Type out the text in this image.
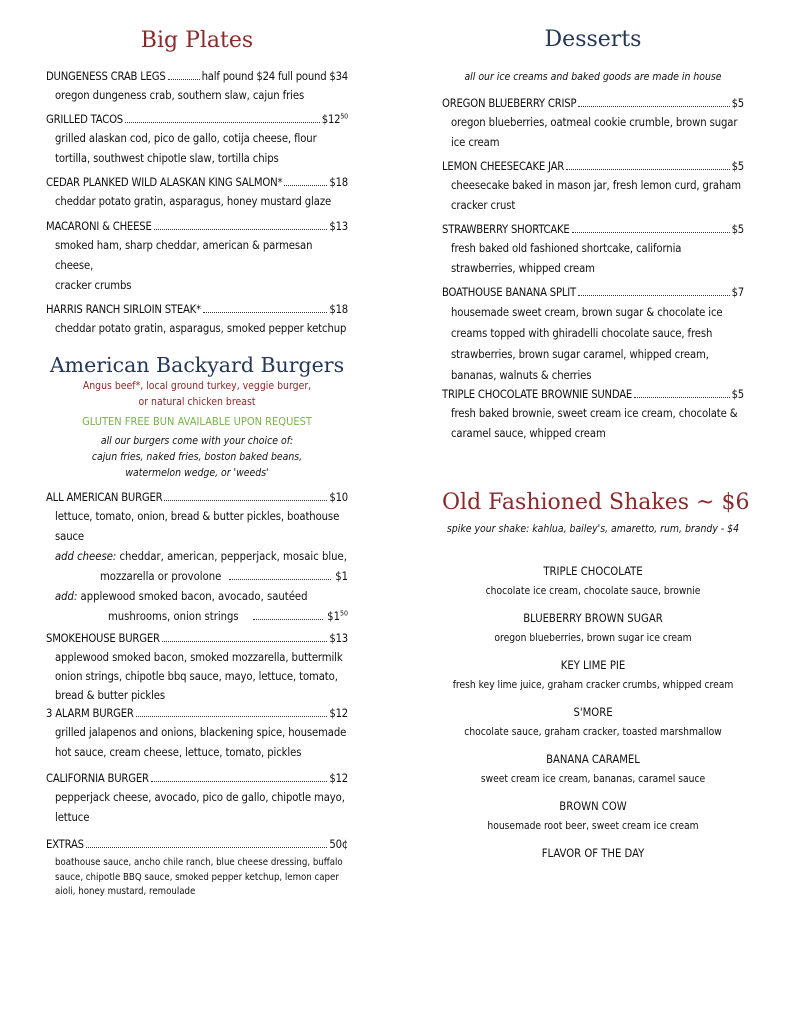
Big Plates
DUNGENESS CRAB LEGS	half pound $24 full pound $34

oregon dungeness crab, southern slaw, cajun fries

GRILLED TACOS	$\$12^{50}$

grilled alaskan cod, pico de gallo, cotija cheese, flour
tortilla, southwest chipotle slaw, tortilla chips

CEDAR PLANKED WILD ALASKAN KING SALMON*	$18

cheddar potato gratin, asparagus, honey mustard glaze

MACARONI & CHEESE	$13

smoked ham, sharp cheddar, american & parmesan cheese,
cracker crumbs

HARRIS RANCH SIRLOIN STEAK*	$18

cheddar potato gratin, asparagus, smoked pepper ketchup

American Backyard Burgers

Angus beef*, local ground turkey, veggie burger,
or natural chicken breast

GLUTEN FREE BUN AVAILABLE UPON REQUEST

all our burgers come with your choice of:
cajun fries, naked fries, boston baked beans,
watermelon wedge, or 'weeds'

ALL AMERICAN BURGER	$10

lettuce, tomato, onion, bread & butter pickles, boathouse
sauce

add cheese: cheddar, american, pepperjack, mosaic blue,
mozzarella or provolone	$1
add: applewood smoked bacon, avocado, sautéed
mushrooms, onion strings	$\$1^{50}$
SMOKEHOUSE BURGER	$13

applewood smoked bacon, smoked mozzarella, buttermilk
onion strings, chipotle bbq sauce, mayo, lettuce, tomato,
bread & butter pickles

3 ALARM BURGER	$12

grilled jalapenos and onions, blackening spice, housemade
hot sauce, cream cheese, lettuce, tomato, pickles

CALIFORNIA BURGER	$12

pepperjack cheese, avocado, pico de gallo, chipotle mayo,
lettuce

EXTRAS	50¢

boathouse sauce, ancho chile ranch, blue cheese dressing, buffalo
sauce, chipotle BBQ sauce, smoked pepper ketchup, lemon caper
aioli, honey mustard, remoulade

Desserts

all our ice creams and baked goods are made in house

OREGON BLUEBERRY CRISP	$5

oregon blueberries, oatmeal cookie crumble, brown sugar
ice cream

LEMON CHEESECAKE JAR	$5

cheesecake baked in mason jar, fresh lemon curd, graham
cracker crust

STRAWBERRY SHORTCAKE	$5

fresh baked old fashioned shortcake, california
strawberries, whipped cream

BOATHOUSE BANANA SPLIT	$7

housemade sweet cream, brown sugar & chocolate ice
creams topped with ghiradelli chocolate sauce, fresh
strawberries, brown sugar caramel, whipped cream,
bananas, walnuts & cherries

TRIPLE CHOCOLATE BROWNIE SUNDAE	$5

fresh baked brownie, sweet cream ice cream, chocolate &
caramel sauce, whipped cream

Old Fashioned Shakes ~ $6

spike your shake: kahlua, bailey's, amaretto, rum, brandy - $4

TRIPLE CHOCOLATE

chocolate ice cream, chocolate sauce, brownie

BLUEBERRY BROWN SUGAR

oregon blueberries, brown sugar ice cream

KEY LIME PIE

fresh key lime juice, graham cracker crumbs, whipped cream

S'MORE

chocolate sauce, graham cracker, toasted marshmallow

BANANA CARAMEL

sweet cream ice cream, bananas, caramel sauce

BROWN COW

housemade root beer, sweet cream ice cream

FLAVOR OF THE DAY
